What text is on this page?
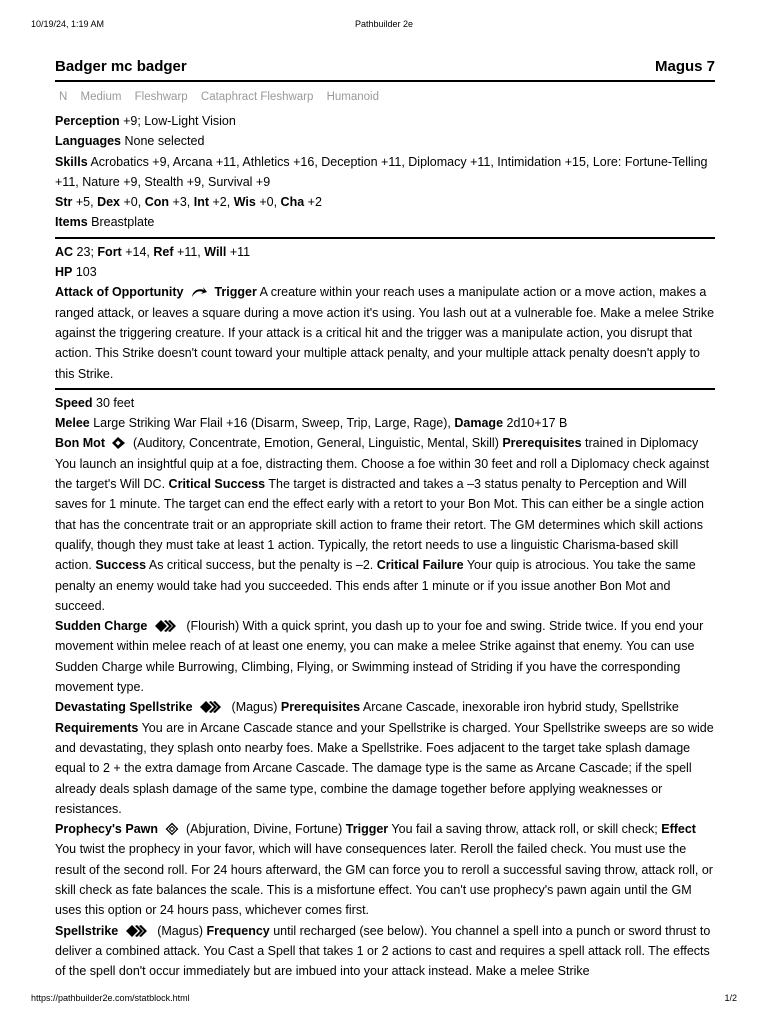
10/19/24, 1:19 AM	Pathbuilder 2e
Badger mc badger	Magus 7
N Medium Fleshwarp Cataphract Fleshwarp Humanoid
Perception +9; Low-Light Vision
Languages None selected
Skills Acrobatics +9, Arcana +11, Athletics +16, Deception +11, Diplomacy +11, Intimidation +15, Lore: Fortune-Telling +11, Nature +9, Stealth +9, Survival +9
Str +5, Dex +0, Con +3, Int +2, Wis +0, Cha +2
Items Breastplate
AC 23; Fort +14, Ref +11, Will +11
HP 103
Attack of Opportunity Trigger A creature within your reach uses a manipulate action or a move action, makes a ranged attack, or leaves a square during a move action it's using. You lash out at a vulnerable foe. Make a melee Strike against the triggering creature. If your attack is a critical hit and the trigger was a manipulate action, you disrupt that action. This Strike doesn't count toward your multiple attack penalty, and your multiple attack penalty doesn't apply to this Strike.
Speed 30 feet
Melee Large Striking War Flail +16 (Disarm, Sweep, Trip, Large, Rage), Damage 2d10+17 B
Bon Mot (Auditory, Concentrate, Emotion, General, Linguistic, Mental, Skill) Prerequisites trained in Diplomacy You launch an insightful quip at a foe, distracting them. Choose a foe within 30 feet and roll a Diplomacy check against the target's Will DC. Critical Success The target is distracted and takes a –3 status penalty to Perception and Will saves for 1 minute. The target can end the effect early with a retort to your Bon Mot. This can either be a single action that has the concentrate trait or an appropriate skill action to frame their retort. The GM determines which skill actions qualify, though they must take at least 1 action. Typically, the retort needs to use a linguistic Charisma-based skill action. Success As critical success, but the penalty is –2. Critical Failure Your quip is atrocious. You take the same penalty an enemy would take had you succeeded. This ends after 1 minute or if you issue another Bon Mot and succeed.
Sudden Charge	(Flourish) With a quick sprint, you dash up to your foe and swing. Stride twice. If you end your movement within melee reach of at least one enemy, you can make a melee Strike against that enemy. You can use Sudden Charge while Burrowing, Climbing, Flying, or Swimming instead of Striding if you have the corresponding movement type.
Devastating Spellstrike	(Magus) Prerequisites Arcane Cascade, inexorable iron hybrid study, Spellstrike Requirements You are in Arcane Cascade stance and your Spellstrike is charged. Your Spellstrike sweeps are so wide and devastating, they splash onto nearby foes. Make a Spellstrike. Foes adjacent to the target take splash damage equal to 2 + the extra damage from Arcane Cascade. The damage type is the same as Arcane Cascade; if the spell already deals splash damage of the same type, combine the damage together before applying weaknesses or resistances.
Prophecy's Pawn (Abjuration, Divine, Fortune) Trigger You fail a saving throw, attack roll, or skill check; Effect You twist the prophecy in your favor, which will have consequences later. Reroll the failed check. You must use the result of the second roll. For 24 hours afterward, the GM can force you to reroll a successful saving throw, attack roll, or skill check as fate balances the scale. This is a misfortune effect. You can't use prophecy's pawn again until the GM uses this option or 24 hours pass, whichever comes first.
Spellstrike	(Magus) Frequency until recharged (see below). You channel a spell into a punch or sword thrust to deliver a combined attack. You Cast a Spell that takes 1 or 2 actions to cast and requires a spell attack roll. The effects of the spell don't occur immediately but are imbued into your attack instead. Make a melee Strike
https://pathbuilder2e.com/statblock.html	1/2
